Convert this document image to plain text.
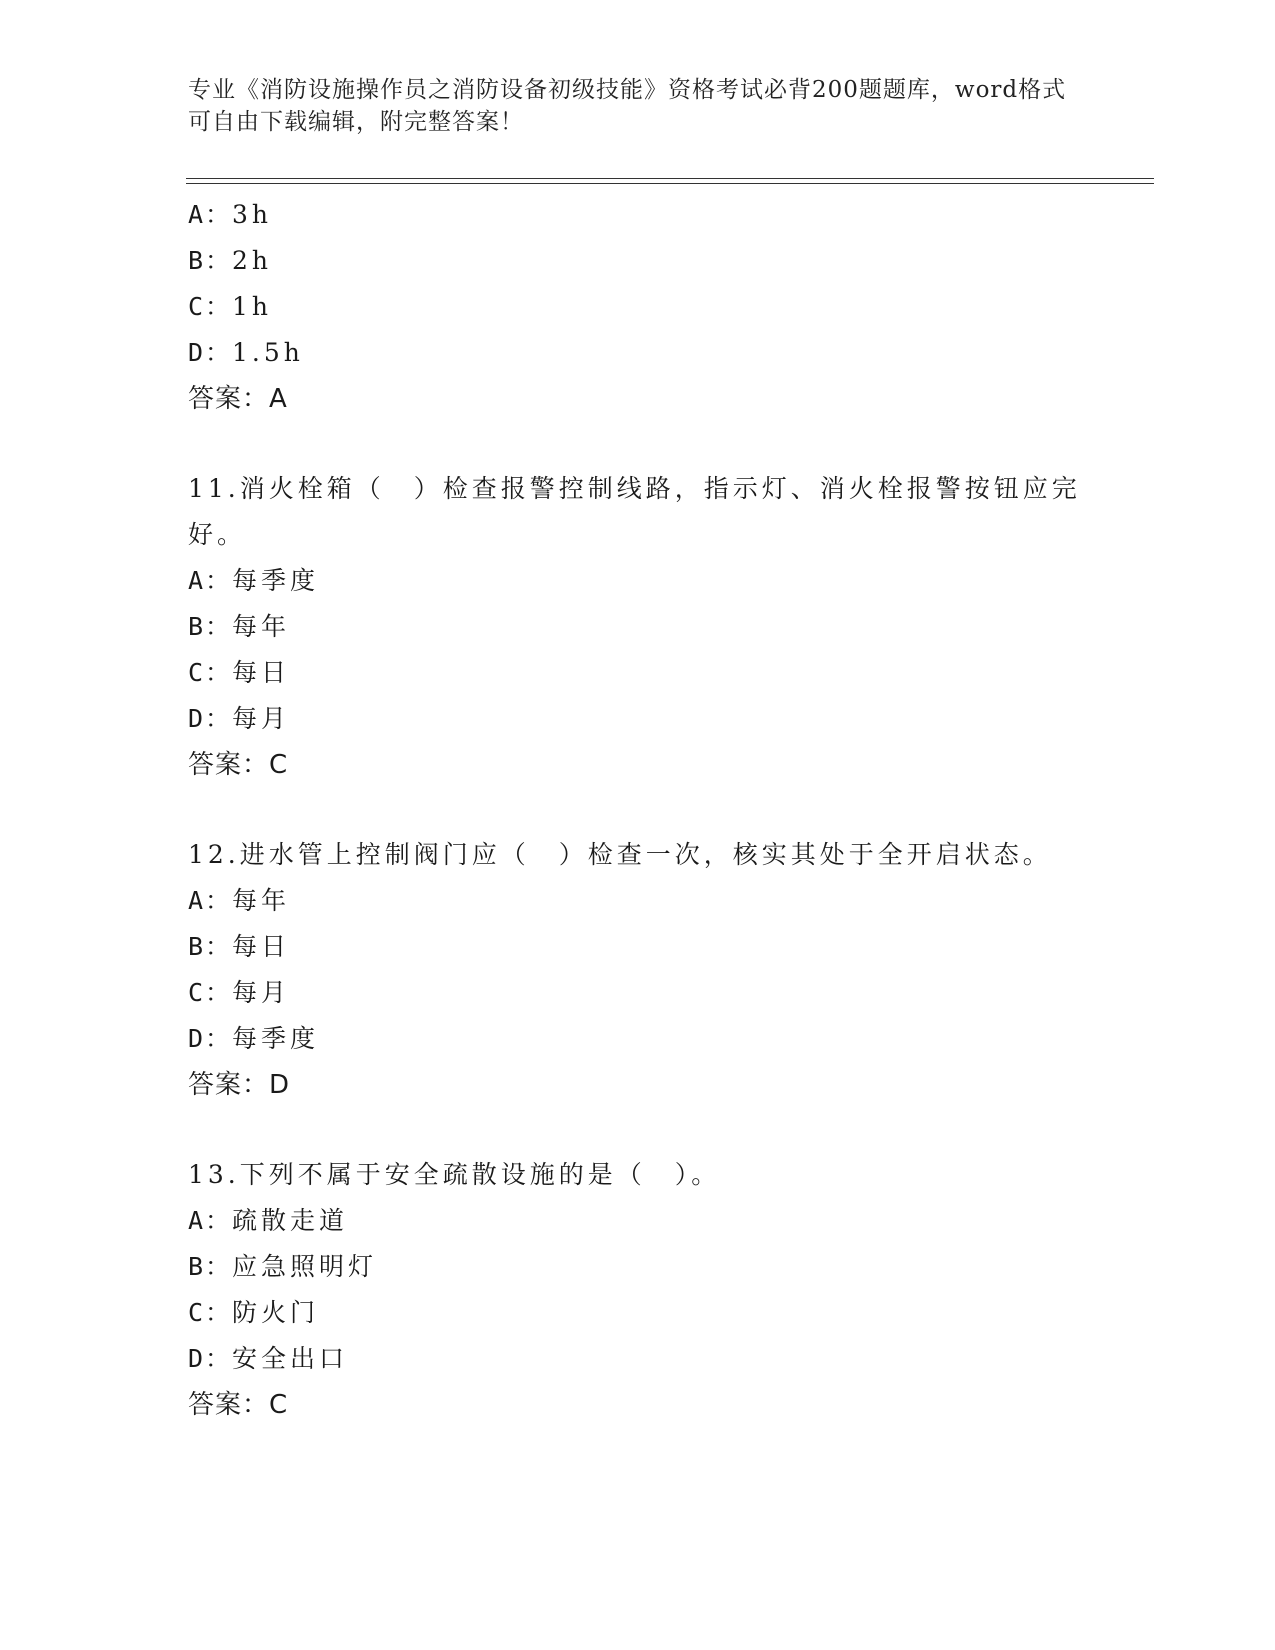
专业《消防设施操作员之消防设备初级技能》资格考试必背200题题库，word格式可自由下载编辑，附完整答案！
A：3h
B：2h
C：1h
D：1.5h
答案：A
11.消火栓箱（　）检查报警控制线路，指示灯、消火栓报警按钮应完好。
A：每季度
B：每年
C：每日
D：每月
答案：C
12.进水管上控制阀门应（　）检查一次，核实其处于全开启状态。
A：每年
B：每日
C：每月
D：每季度
答案：D
13.下列不属于安全疏散设施的是（　）。
A：疏散走道
B：应急照明灯
C：防火门
D：安全出口
答案：C
